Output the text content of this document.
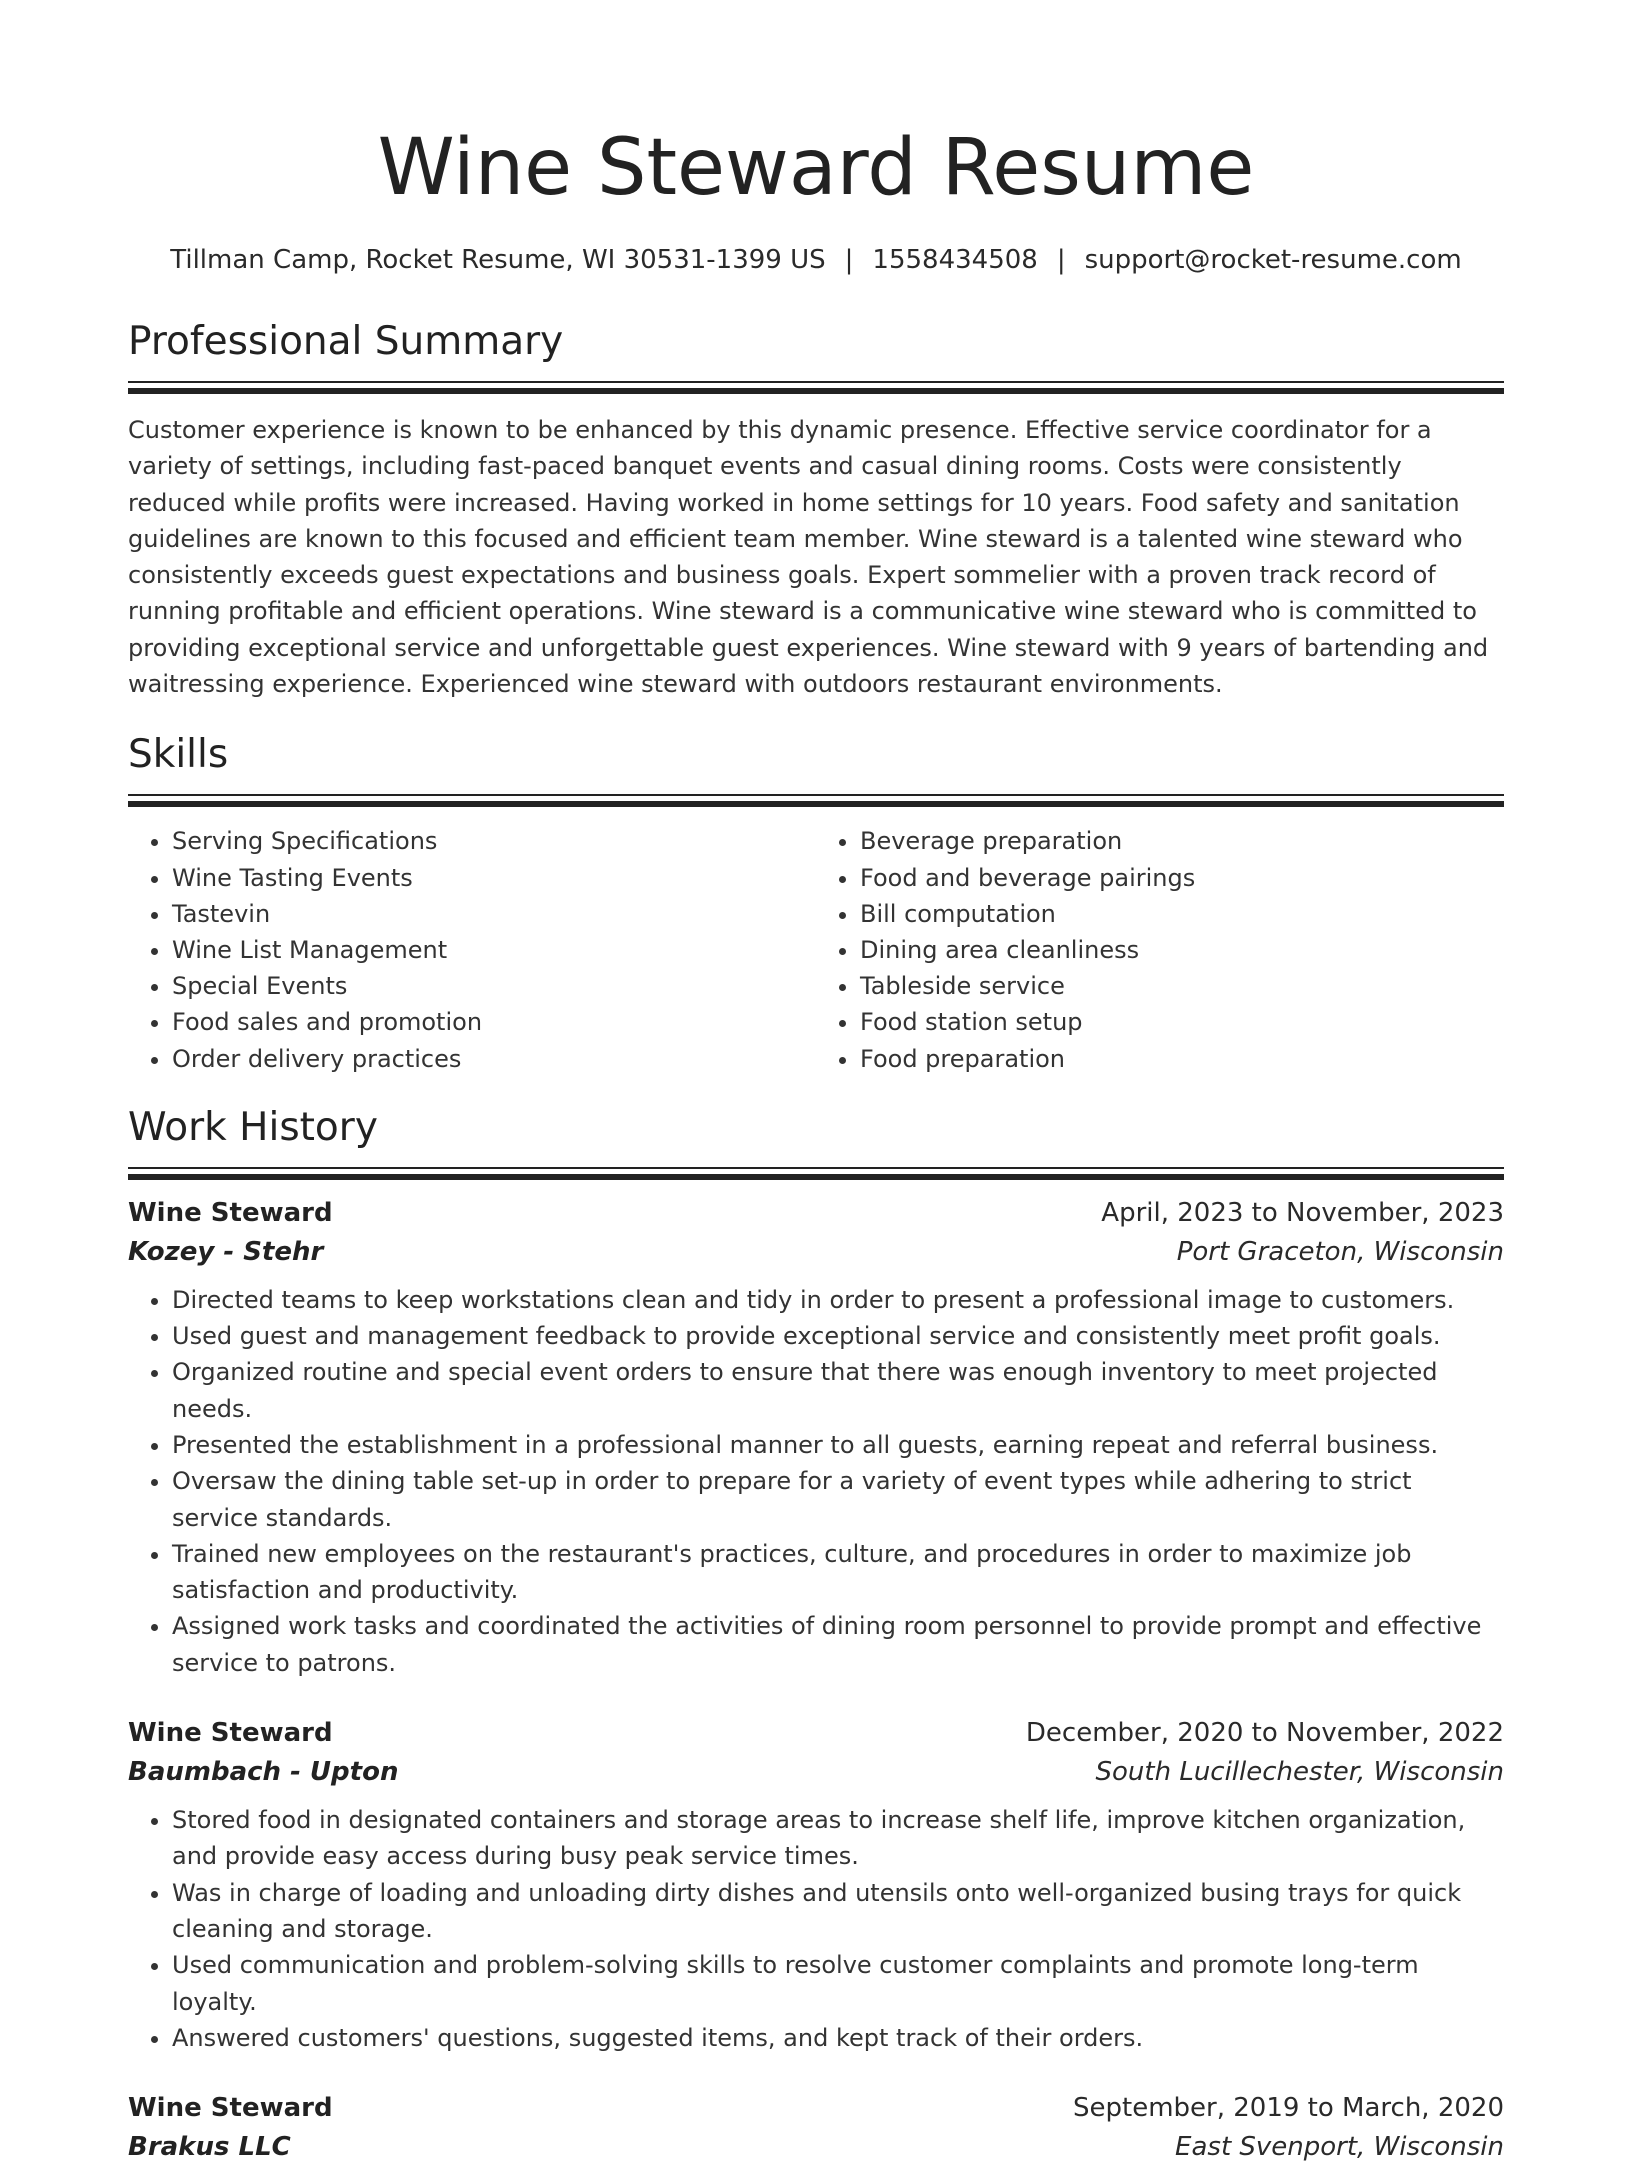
Wine Steward Resume
Tillman Camp, Rocket Resume, WI 30531-1399 US | 1558434508 | support@rocket-resume.com
Professional Summary

Customer experience is known to be enhanced by this dynamic presence. Effective service coordinator for a variety of settings, including fast-paced banquet events and casual dining rooms. Costs were consistently reduced while profits were increased. Having worked in home settings for 10 years. Food safety and sanitation guidelines are known to this focused and efficient team member. Wine steward is a talented wine steward who consistently exceeds guest expectations and business goals. Expert sommelier with a proven track record of running profitable and efficient operations. Wine steward is a communicative wine steward who is committed to providing exceptional service and unforgettable guest experiences. Wine steward with 9 years of bartending and waitressing experience. Experienced wine steward with outdoors restaurant environments.

Skills
• Serving Specifications
• Wine Tasting Events
• Tastevin
• Wine List Management
• Special Events
• Food sales and promotion
• Order delivery practices
• Beverage preparation
• Food and beverage pairings
• Bill computation
• Dining area cleanliness
• Tableside service
• Food station setup
• Food preparation
Work History
Wine Steward	April, 2023 to November, 2023
Kozey - Stehr	Port Graceton, Wisconsin
• Directed teams to keep workstations clean and tidy in order to present a professional image to customers.
• Used guest and management feedback to provide exceptional service and consistently meet profit goals.
• Organized routine and special event orders to ensure that there was enough inventory to meet projected needs.
• Presented the establishment in a professional manner to all guests, earning repeat and referral business.
• Oversaw the dining table set-up in order to prepare for a variety of event types while adhering to strict service standards.
• Trained new employees on the restaurant's practices, culture, and procedures in order to maximize job satisfaction and productivity.
• Assigned work tasks and coordinated the activities of dining room personnel to provide prompt and effective service to patrons.
Wine Steward	December, 2020 to November, 2022
Baumbach - Upton	South Lucillechester, Wisconsin
• Stored food in designated containers and storage areas to increase shelf life, improve kitchen organization, and provide easy access during busy peak service times.
• Was in charge of loading and unloading dirty dishes and utensils onto well-organized busing trays for quick cleaning and storage.
• Used communication and problem-solving skills to resolve customer complaints and promote long-term loyalty.
• Answered customers' questions, suggested items, and kept track of their orders.
Wine Steward	September, 2019 to March, 2020
Brakus LLC	East Svenport, Wisconsin
